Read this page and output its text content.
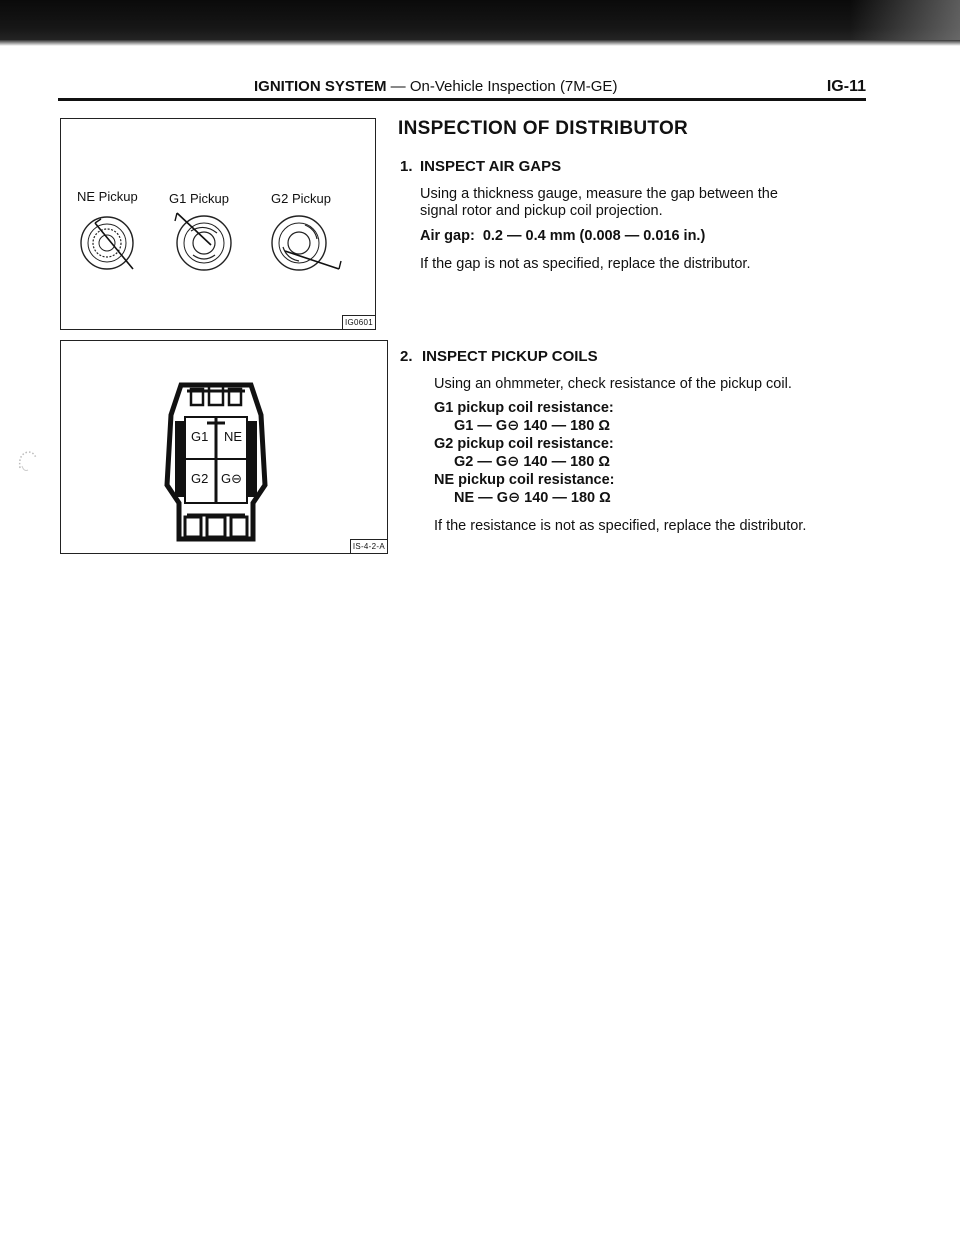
IGNITION SYSTEM — On-Vehicle Inspection (7M-GE)	IG-11
NE Pickup G1 Pickup	G2 Pickup
IG0601
G1 NE
G2 G⊖
IS-4-2-A
INSPECTION OF DISTRIBUTOR
1. INSPECT AIR GAPS
Using a thickness gauge, measure the gap between the
signal rotor and pickup coil projection.
Air gap: 0.2 — 0.4 mm (0.008 — 0.016 in.)
If the gap is not as specified, replace the distributor.
2. INSPECT PICKUP COILS
Using an ohmmeter, check resistance of the pickup coil.
G1 pickup coil resistance:
G1 — G⊖ 140 — 180 Ω
G2 pickup coil resistance:
G2 — G⊖ 140 — 180 Ω
NE pickup coil resistance:
NE — G⊖ 140 — 180 Ω
If the resistance is not as specified, replace the distributor.
